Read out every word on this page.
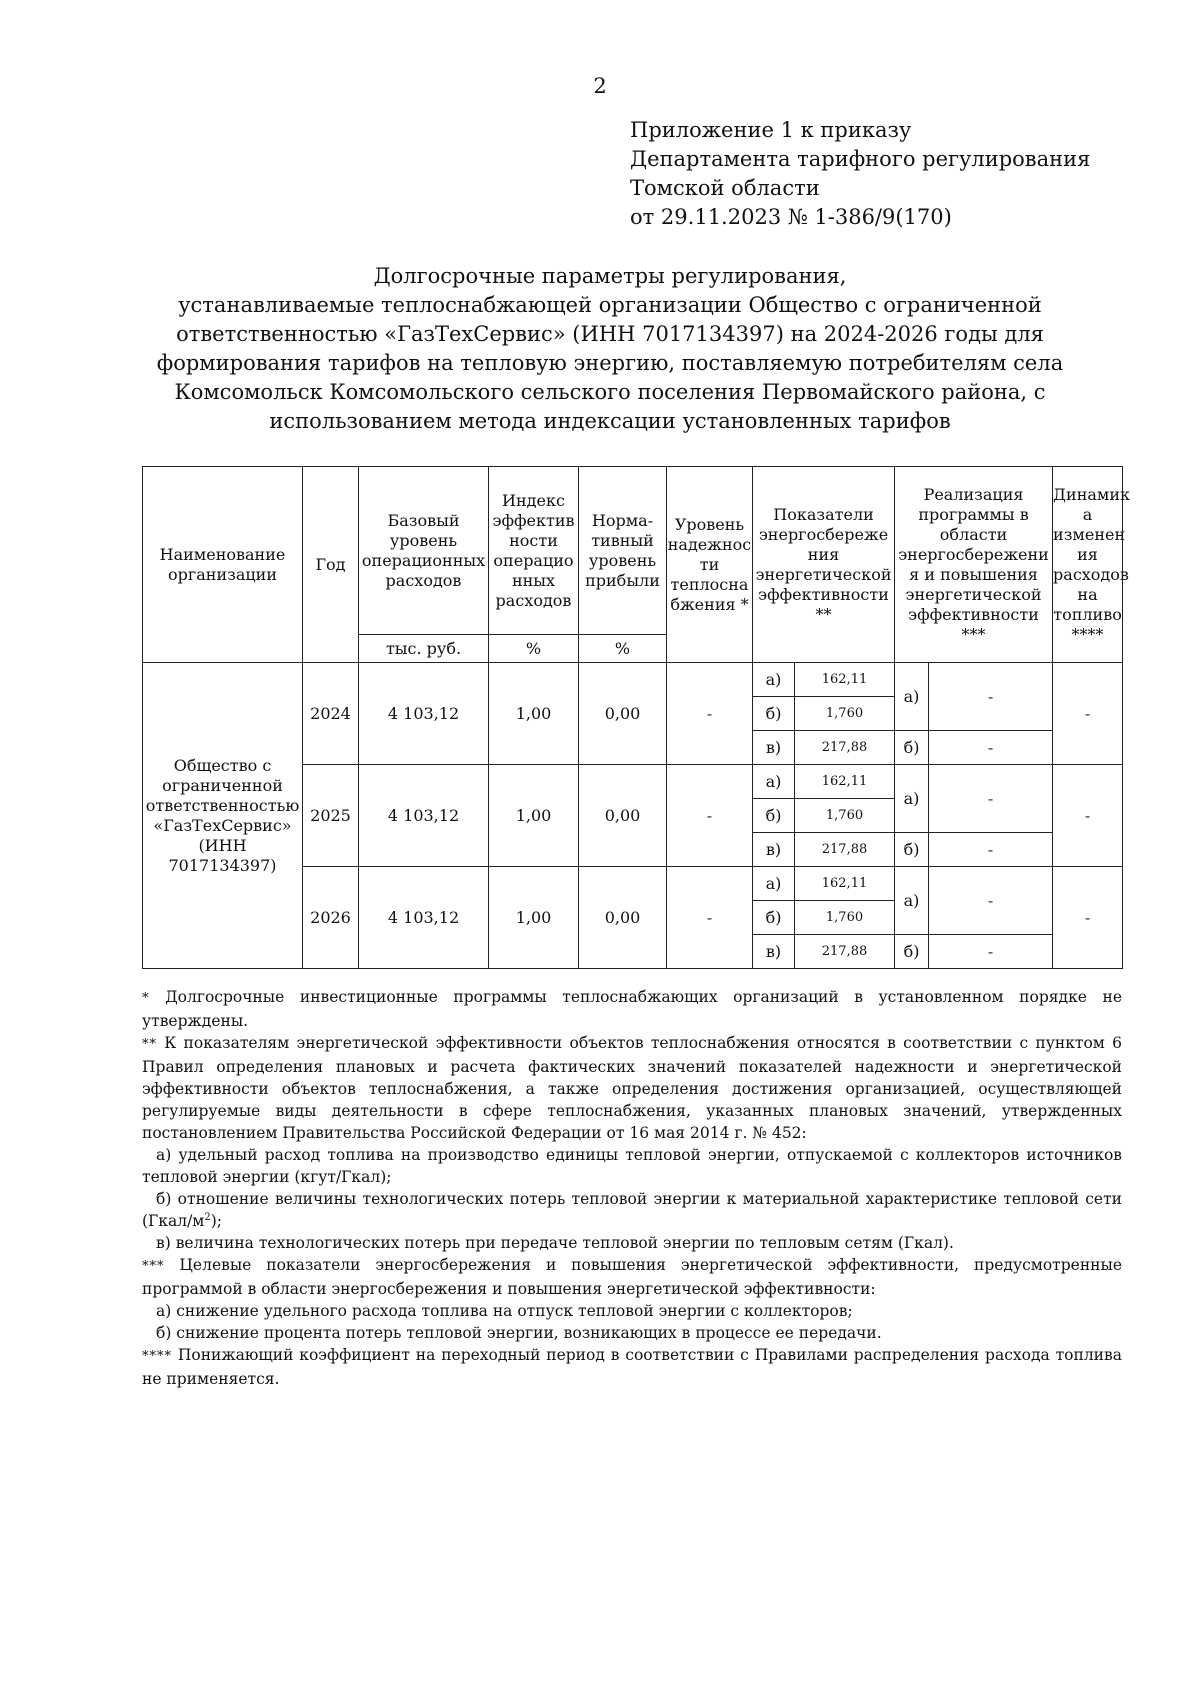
2
Приложение 1 к приказу
Департамента тарифного регулирования
Томской области
от 29.11.2023 № 1-386/9(170)
Долгосрочные параметры регулирования,
устанавливаемые теплоснабжающей организации Общество с ограниченной
ответственностью «ГазТехСервис» (ИНН 7017134397) на 2024-2026 годы для
формирования тарифов на тепловую энергию, поставляемую потребителям села
Комсомольск Комсомольского сельского поселения Первомайского района, с
использованием метода индексации установленных тарифов
Наименование организации	Год	Базовый уровень операционных расходов	Индекс эффектив ности операцио нных расходов	Норма-тивный уровень прибыли	Уровень надежнос ти теплосна бжения *	Показатели энергосбереже ния энергетической эффективности **		Реализация программы в области энергосбережени я и повышения энергетической эффективности ***		Динамик а изменен ия расходов на топливо ****
		тыс. руб.	%	%						
Общество с ограниченной ответственностью «ГазТехСервис» (ИНН 7017134397)	2024	4 103,12	1,00	0,00	-	а)	162,11	а)	-	-
						б)	1,760			
						в)	217,88	б)	-	
	2025	4 103,12	1,00	0,00	-	а)	162,11	а)	-	-
						б)	1,760			
						в)	217,88	б)	-	
	2026	4 103,12	1,00	0,00	-	а)	162,11	а)	-	-
						б)	1,760			
						в)	217,88	б)	-	

* Долгосрочные инвестиционные программы теплоснабжающих организаций в установленном порядке не утверждены.

** К показателям энергетической эффективности объектов теплоснабжения относятся в соответствии с пунктом 6 Правил определения плановых и расчета фактических значений показателей надежности и энергетической эффективности объектов теплоснабжения, а также определения достижения организацией, осуществляющей регулируемые виды деятельности в сфере теплоснабжения, указанных плановых значений, утвержденных постановлением Правительства Российской Федерации от 16 мая 2014 г. № 452:

а) удельный расход топлива на производство единицы тепловой энергии, отпускаемой с коллекторов источников тепловой энергии (кгут/Гкал);

б) отношение величины технологических потерь тепловой энергии к материальной характеристике тепловой сети $(Гкал/м^2)$;

в) величина технологических потерь при передаче тепловой энергии по тепловым сетям (Гкал).

*** Целевые показатели энергосбережения и повышения энергетической эффективности, предусмотренные программой в области энергосбережения и повышения энергетической эффективности:

а) снижение удельного расхода топлива на отпуск тепловой энергии с коллекторов;

б) снижение процента потерь тепловой энергии, возникающих в процессе ее передачи.

**** Понижающий коэффициент на переходный период в соответствии с Правилами распределения расхода топлива не применяется.
